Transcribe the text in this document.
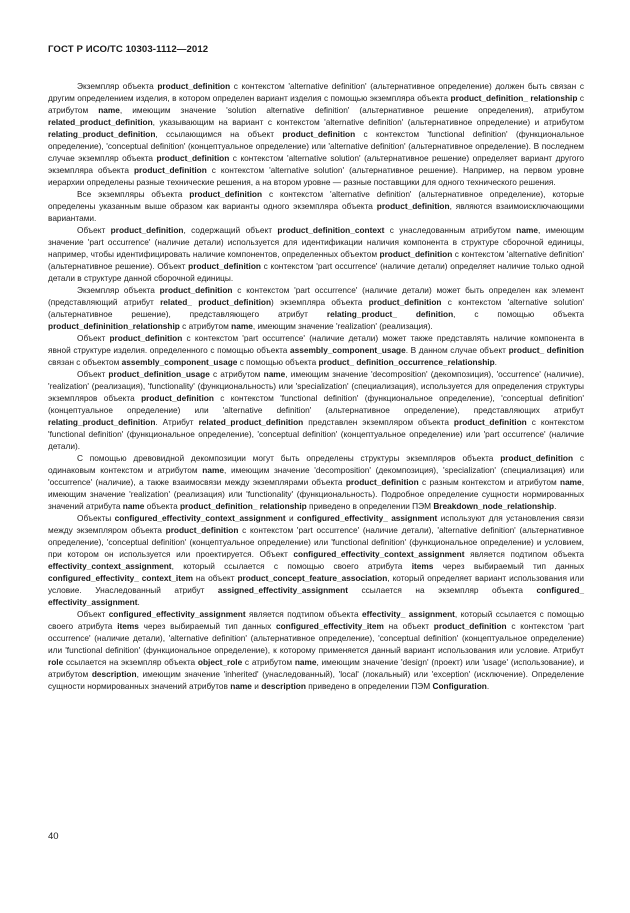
ГОСТ Р ИСО/ТС 10303-1112—2012

Экземпляр объекта product_definition с контекстом 'alternative definition' (альтернативное определение) должен быть связан с другим определением изделия, в котором определен вариант изделия с помощью экземпляра объекта product_definition_ relationship с атрибутом name, имеющим значение 'solution alternative definition' (альтернативное решение определения), атрибутом related_product_definition, указывающим на вариант с контекстом 'alternative definition' (альтернативное определение) и атрибутом relating_product_definition, ссылающимся на объект product_definition с контекстом 'functional definition' (функциональное определение), 'conceptual definition' (концептуальное определение) или 'alternative definition' (альтернативное определение). В последнем случае экземпляр объекта product_definition с контекстом 'alternative solution' (альтернативное решение) определяет вариант другого экземпляра объекта product_definition с контекстом 'alternative solution' (альтернативное решение). Например, на первом уровне иерархии определены разные технические решения, а на втором уровне — разные поставщики для одного технического решения.

Все экземпляры объекта product_definition с контекстом 'alternative definition' (альтернативное определение), которые определены указанным выше образом как варианты одного экземпляра объекта product_definition, являются взаимоисключающими вариантами.

Объект product_definition, содержащий объект product_definition_context с унаследованным атрибутом name, имеющим значение 'part occurrence' (наличие детали) используется для идентификации наличия компонента в структуре сборочной единицы, например, чтобы идентифицировать наличие компонентов, определенных объектом product_definition с контекстом 'alternative definition' (альтернативное решение). Объект product_definition с контекстом 'part occurrence' (наличие детали) определяет наличие только одной детали в структуре данной сборочной единицы.

Экземпляр объекта product_definition с контекстом 'part occurrence' (наличие детали) может быть определен как элемент (представляющий атрибут related_ product_definition) экземпляра объекта product_definition с контекстом 'alternative solution' (альтернативное решение), представляющего атрибут relating_product_ definition, с помощью объекта product_defininition_relationship с атрибутом name, имеющим значение 'realization' (реализация).

Объект product_definition с контекстом 'part occurrence' (наличие детали) может также представлять наличие компонента в явной структуре изделия. определенного с помощью объекта assembly_component_usage. В данном случае объект product_ definition связан с объектом assembly_component_usage с помощью объекта product_ definition_occurrence_relationship.

Объект product_definition_usage с атрибутом name, имеющим значение 'decomposition' (декомпозиция), 'occurrence' (наличие), 'realization' (реализация), 'functionality' (функциональность) или 'specialization' (специализация), используется для определения структуры экземпляров объекта product_definition с контекстом 'functional definition' (функциональное определение), 'conceptual definition' (концептуальное определение) или 'alternative definition' (альтернативное определение), представляющих атрибут relating_product_definition. Атрибут related_product_definition представлен экземпляром объекта product_definition с контекстом 'functional definition' (функциональное определение), 'conceptual definition' (концептуальное определение) или 'part occurrence' (наличие детали).

С помощью древовидной декомпозиции могут быть определены структуры экземпляров объекта product_definition с одинаковым контекстом и атрибутом name, имеющим значение 'decomposition' (декомпозиция), 'specialization' (специализация) или 'occurrence' (наличие), а также взаимосвязи между экземплярами объекта product_definition с разным контекстом и атрибутом name, имеющим значение 'realization' (реализация) или 'functionality' (функциональность). Подробное определение сущности нормированных значений атрибута name объекта product_definition_ relationship приведено в определении ПЭМ Breakdown_node_relationship.

Объекты configured_effectivity_context_assignment и configured_effectivity_ assignment используют для установления связи между экземпляром объекта product_definition с контекстом 'part occurrence' (наличие детали), 'alternative definition' (альтернативное определение), 'conceptual definition' (концептуальное определение) или 'functional definition' (функциональное определение) и условием, при котором он используется или проектируется. Объект configured_effectivity_context_assignment является подтипом объекта effectivity_context_assignment, который ссылается с помощью своего атрибута items через выбираемый тип данных configured_effectivity_ context_item на объект product_concept_feature_association, который определяет вариант использования или условие. Унаследованный атрибут assigned_effectivity_assignment ссылается на экземпляр объекта configured_ effectivity_assignment.

Объект configured_effectivity_assignment является подтипом объекта effectivity_ assignment, который ссылается с помощью своего атрибута items через выбираемый тип данных configured_effectivity_item на объект product_definition с контекстом 'part occurrence' (наличие детали), 'alternative definition' (альтернативное определение), 'conceptual definition' (концептуальное определение) или 'functional definition' (функциональное определение), к которому применяется данный вариант использования или условие. Атрибут role ссылается на экземпляр объекта object_role с атрибутом name, имеющим значение 'design' (проект) или 'usage' (использование), и атрибутом description, имеющим значение 'inherited' (унаследованный), 'local' (локальный) или 'exception' (исключение). Определение сущности нормированных значений атрибутов name и description приведено в определении ПЭМ Configuration.

40
